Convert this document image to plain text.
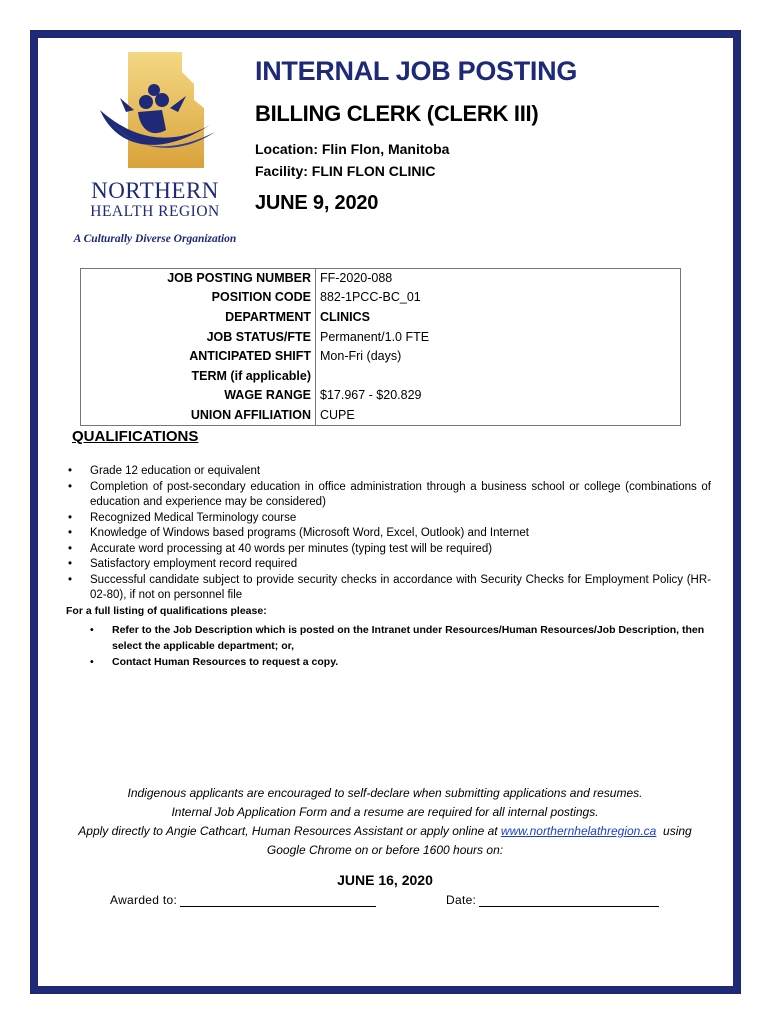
NORTHERN
HEALTH REGION
A Culturally Diverse Organization
INTERNAL JOB POSTING
BILLING CLERK (CLERK III)
Location: Flin Flon, Manitoba
Facility: FLIN FLON CLINIC
JUNE 9, 2020
JOB POSTING NUMBER	FF-2020-088
POSITION CODE	882-1PCC-BC_01
DEPARTMENT	CLINICS
JOB STATUS/FTE	Permanent/1.0 FTE
ANTICIPATED SHIFT	Mon-Fri (days)
TERM (if applicable)	
WAGE RANGE	$17.967 - $20.829
UNION AFFILIATION	CUPE
QUALIFICATIONS
• Grade 12 education or equivalent
• Completion of post-secondary education in office administration through a business school or college (combinations of education and experience may be considered)
• Recognized Medical Terminology course
• Knowledge of Windows based programs (Microsoft Word, Excel, Outlook) and Internet
• Accurate word processing at 40 words per minutes (typing test will be required)
• Satisfactory employment record required
• Successful candidate subject to provide security checks in accordance with Security Checks for Employment Policy (HR-02-80), if not on personnel file
For a full listing of qualifications please:
• Refer to the Job Description which is posted on the Intranet under Resources/Human Resources/Job Description, then select the applicable department; or,
• Contact Human Resources to request a copy.
Indigenous applicants are encouraged to self-declare when submitting applications and resumes.
Internal Job Application Form and a resume are required for all internal postings.
Apply directly to Angie Cathcart, Human Resources Assistant or apply online at www.northernhelathregion.ca  using
Google Chrome on or before 1600 hours on:
JUNE 16, 2020
Awarded to:	Date:
